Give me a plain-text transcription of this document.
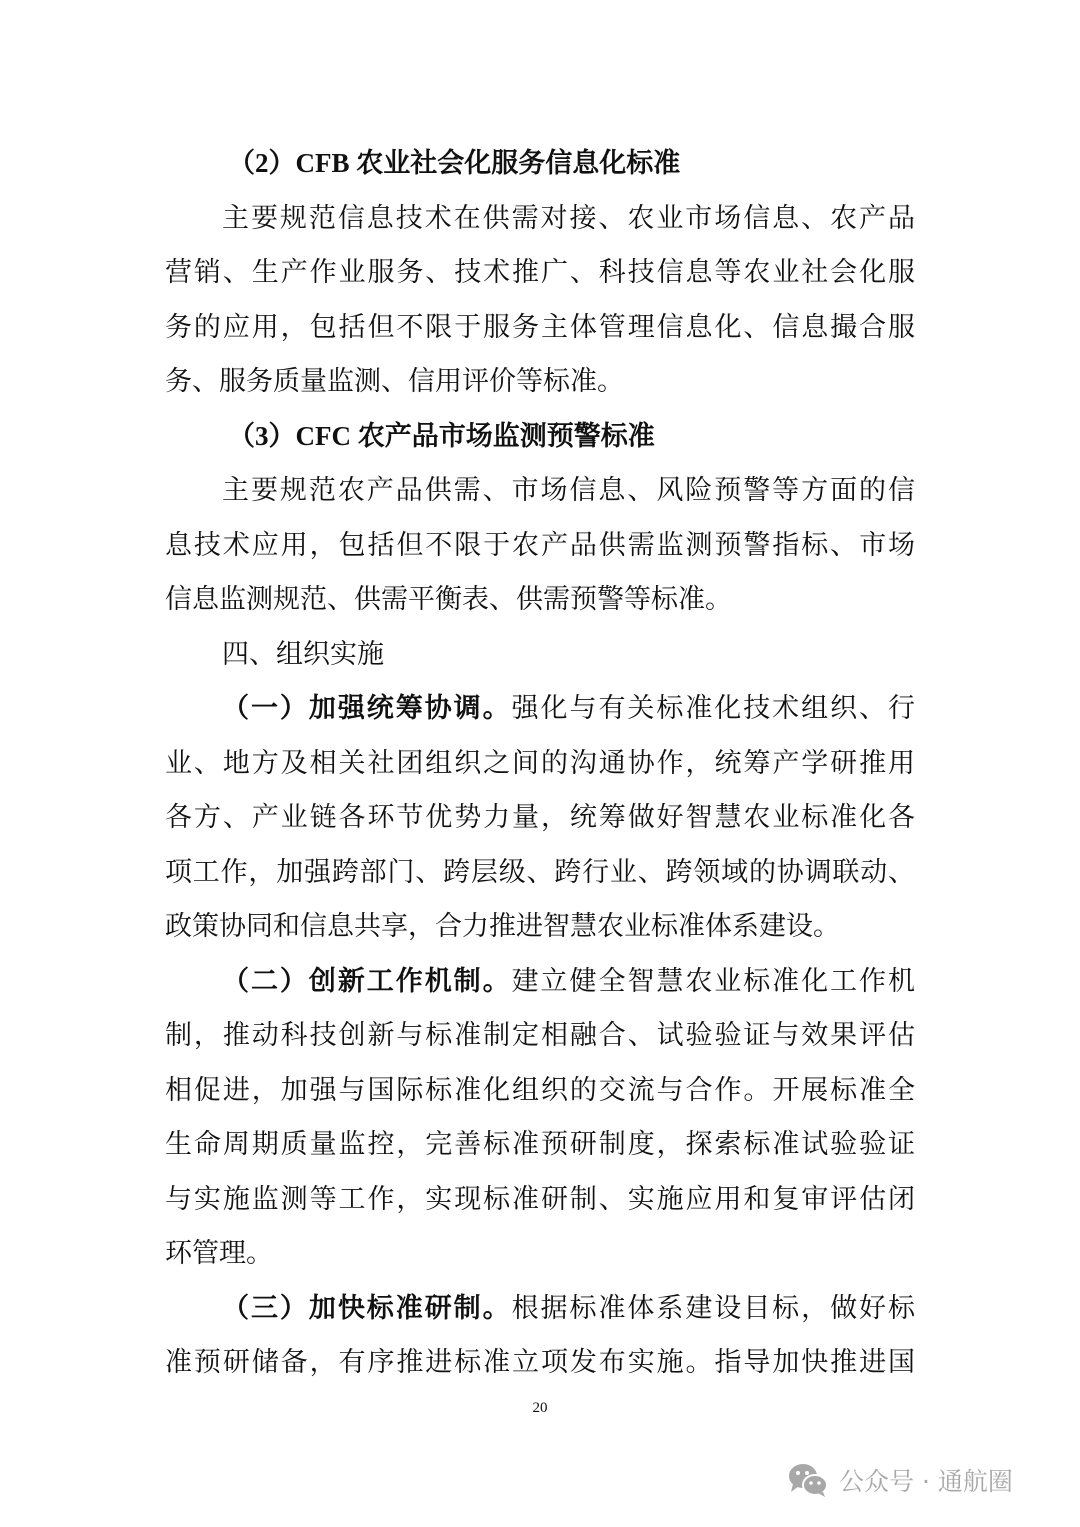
（2）CFB 农业社会化服务信息化标准
主要规范信息技术在供需对接、农业市场信息、农产品
营销、生产作业服务、技术推广、科技信息等农业社会化服
务的应用，包括但不限于服务主体管理信息化、信息撮合服
务、服务质量监测、信用评价等标准。
（3）CFC 农产品市场监测预警标准
主要规范农产品供需、市场信息、风险预警等方面的信
息技术应用，包括但不限于农产品供需监测预警指标、市场
信息监测规范、供需平衡表、供需预警等标准。
四、组织实施
（一）加强统筹协调。强化与有关标准化技术组织、行
业、地方及相关社团组织之间的沟通协作，统筹产学研推用
各方、产业链各环节优势力量，统筹做好智慧农业标准化各
项工作，加强跨部门、跨层级、跨行业、跨领域的协调联动、
政策协同和信息共享，合力推进智慧农业标准体系建设。
（二）创新工作机制。建立健全智慧农业标准化工作机
制，推动科技创新与标准制定相融合、试验验证与效果评估
相促进，加强与国际标准化组织的交流与合作。开展标准全
生命周期质量监控，完善标准预研制度，探索标准试验验证
与实施监测等工作，实现标准研制、实施应用和复审评估闭
环管理。
（三）加快标准研制。根据标准体系建设目标，做好标
准预研储备，有序推进标准立项发布实施。指导加快推进国
20
公众号 · 通航圈
